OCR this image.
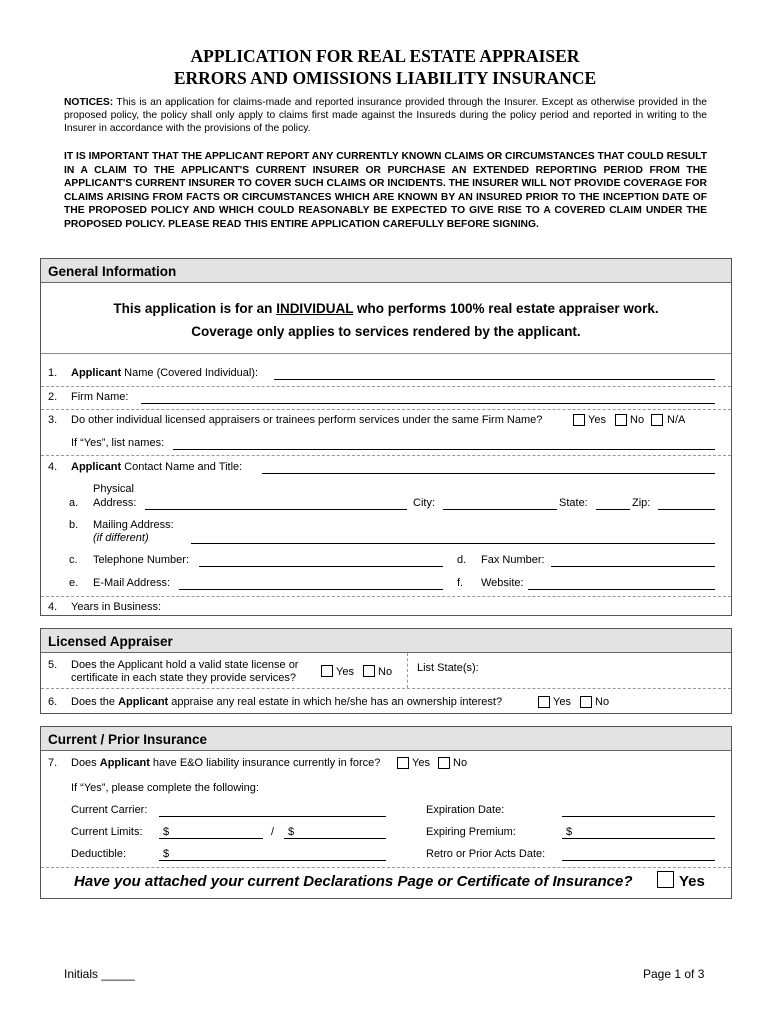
APPLICATION FOR REAL ESTATE APPRAISER
ERRORS AND OMISSIONS LIABILITY INSURANCE
NOTICES: This is an application for claims-made and reported insurance provided through the Insurer. Except as otherwise provided in the proposed policy, the policy shall only apply to claims first made against the Insureds during the policy period and reported in writing to the Insurer in accordance with the provisions of the policy.
IT IS IMPORTANT THAT THE APPLICANT REPORT ANY CURRENTLY KNOWN CLAIMS OR CIRCUMSTANCES THAT COULD RESULT IN A CLAIM TO THE APPLICANT'S CURRENT INSURER OR PURCHASE AN EXTENDED REPORTING PERIOD FROM THE APPLICANT'S CURRENT INSURER TO COVER SUCH CLAIMS OR INCIDENTS. THE INSURER WILL NOT PROVIDE COVERAGE FOR CLAIMS ARISING FROM FACTS OR CIRCUMSTANCES WHICH ARE KNOWN BY AN INSURED PRIOR TO THE INCEPTION DATE OF THE PROPOSED POLICY AND WHICH COULD REASONABLY BE EXPECTED TO GIVE RISE TO A COVERED CLAIM UNDER THE PROPOSED POLICY. PLEASE READ THIS ENTIRE APPLICATION CAREFULLY BEFORE SIGNING.
General Information
This application is for an INDIVIDUAL who performs 100% real estate appraiser work.
Coverage only applies to services rendered by the applicant.
1. Applicant Name (Covered Individual):
2. Firm Name:
3. Do other individual licensed appraisers or trainees perform services under the same Firm Name?	Yes No N/A
If “Yes”, list names:
4. Applicant Contact Name and Title:
a.
Physical
Address:	City:	State:	Zip:
b. Mailing Address:
(if different)
c. Telephone Number:	d. Fax Number:
e. E-Mail Address:	f. Website:
4. Years in Business:
Licensed Appraiser
5. Does the Applicant hold a valid state license or
certificate in each state they provide services?	Yes No List State(s):
6. Does the Applicant appraise any real estate in which he/she has an ownership interest?	Yes No
Current / Prior Insurance
7. Does Applicant have E&O liability insurance currently in force?	Yes No
If “Yes”, please complete the following:
Current Carrier:	Expiration Date:
Current Limits: $	/ $	Expiring Premium:	$
Deductible:	$	Retro or Prior Acts Date:
Have you attached your current Declarations Page or Certificate of Insurance?	Yes
Initials _____	Page 1 of 3
